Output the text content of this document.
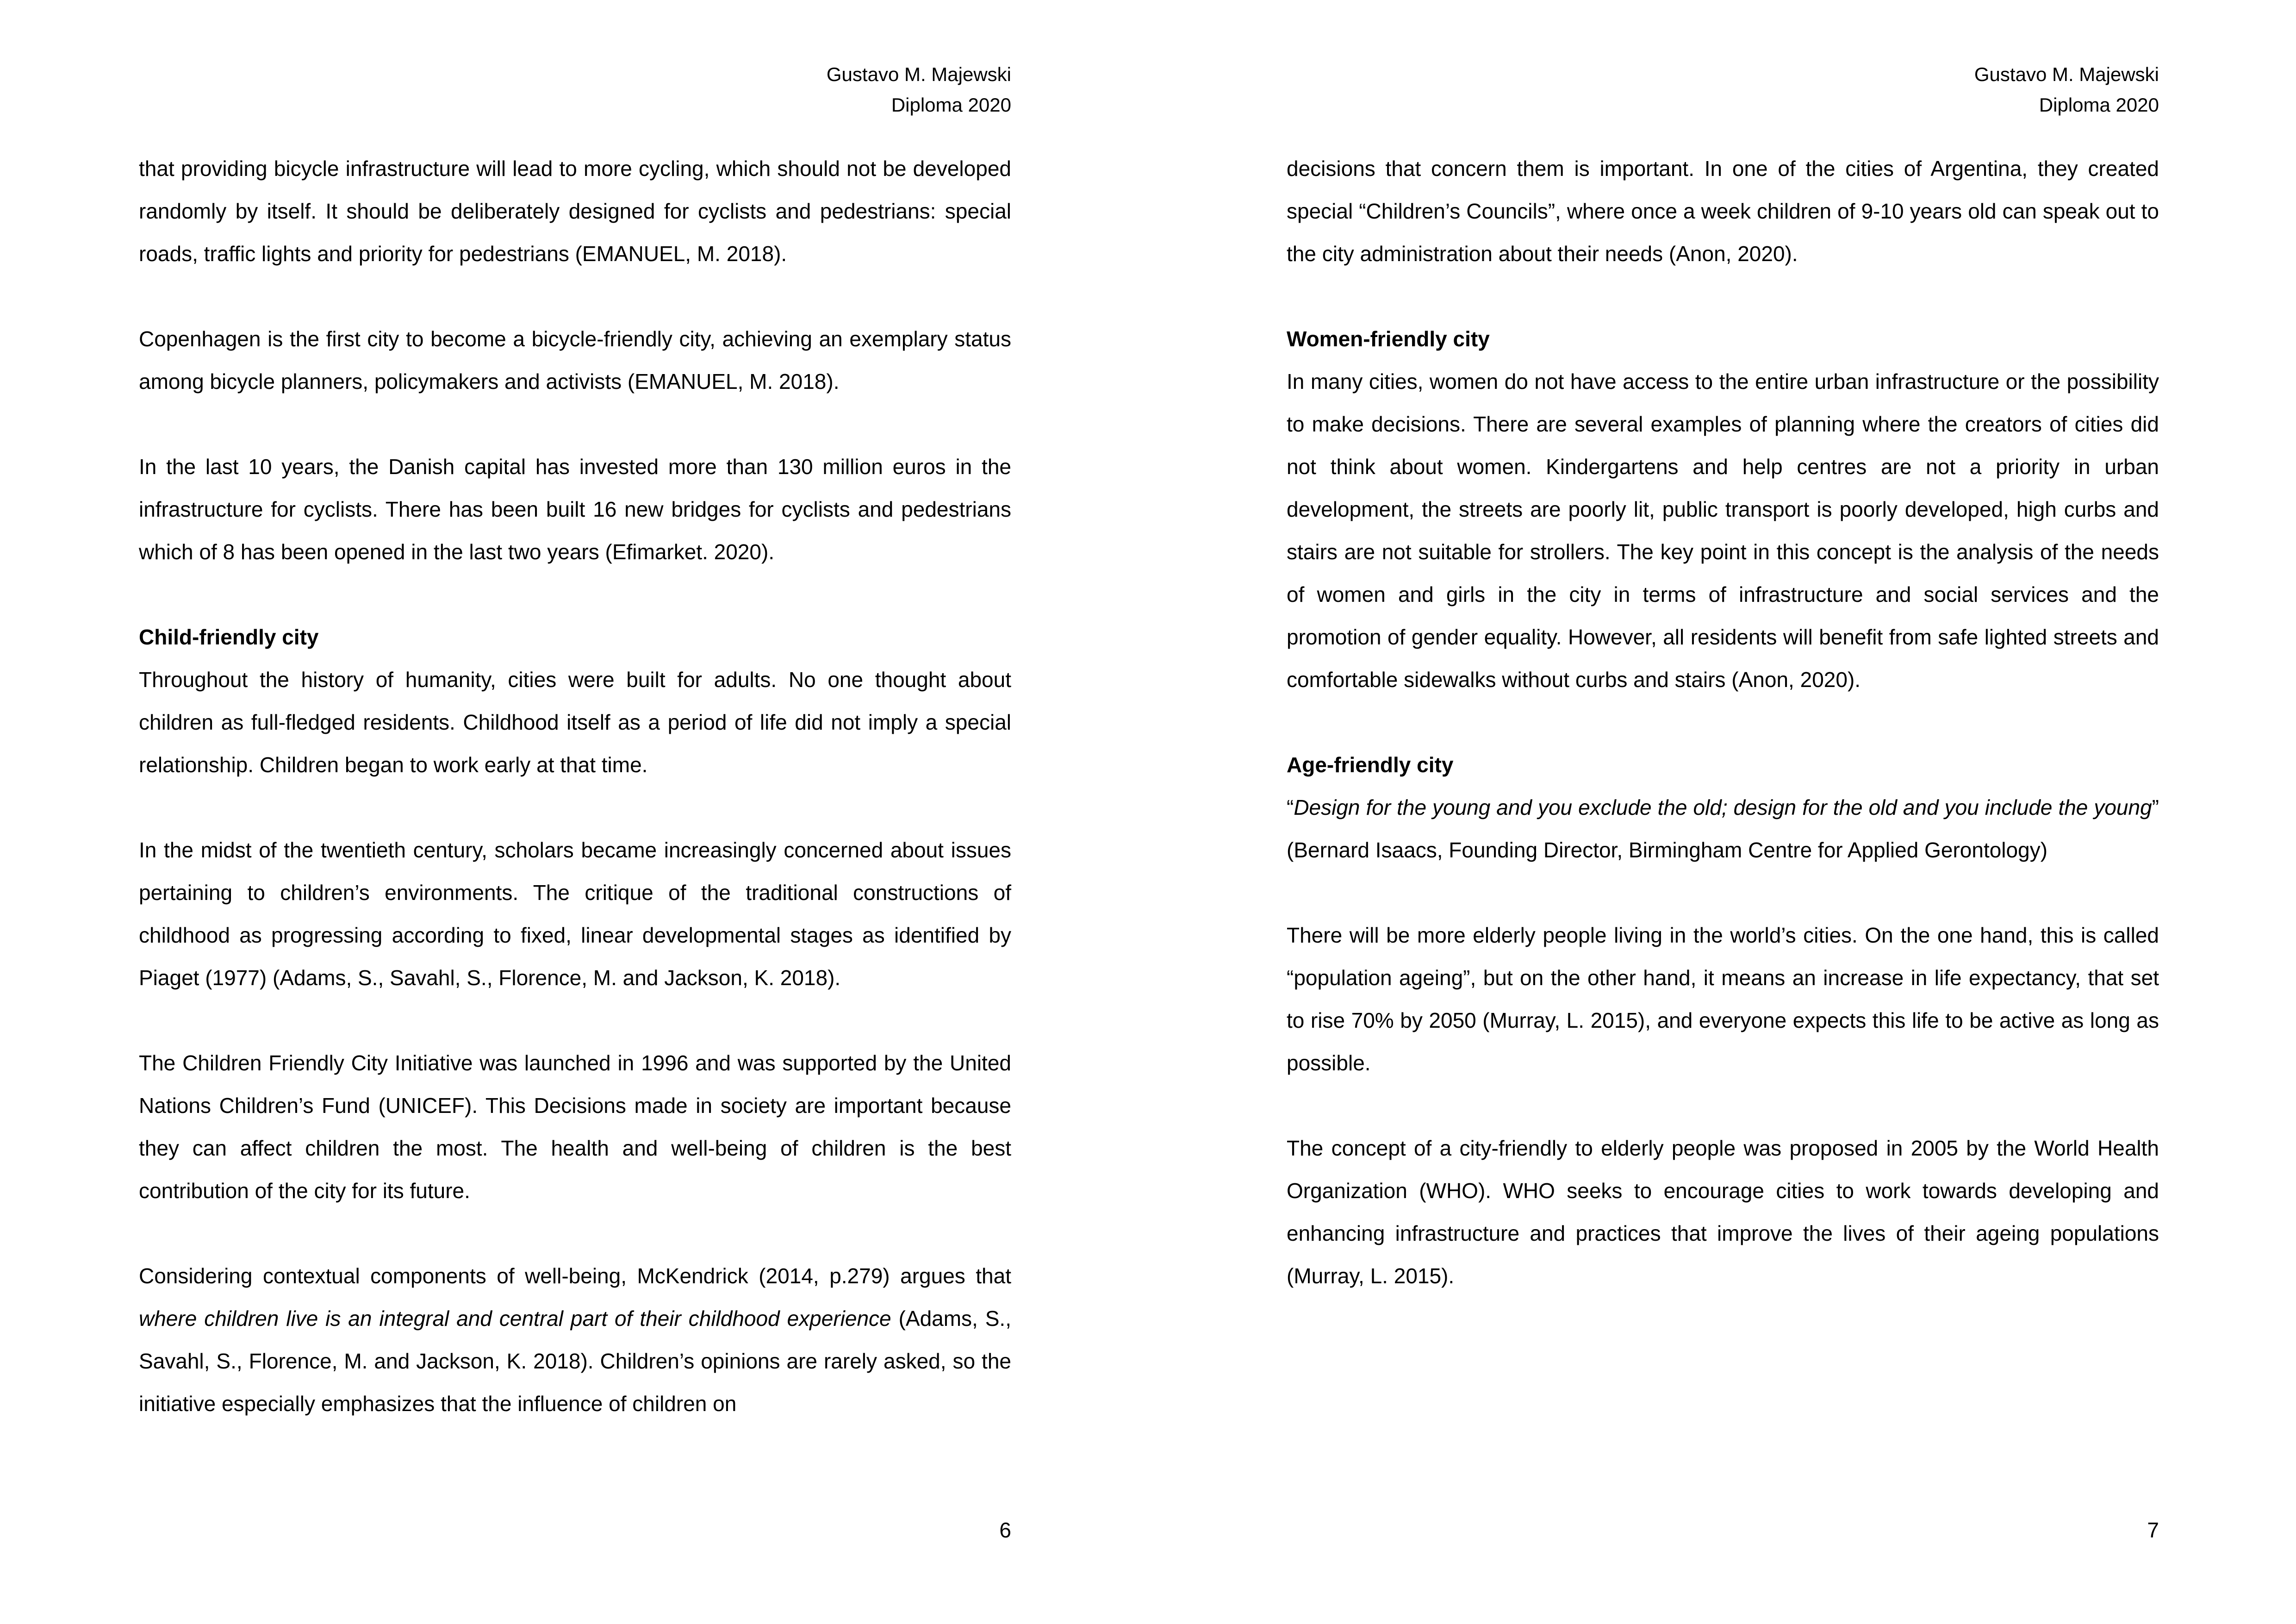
Gustavo M. Majewski
Diploma 2020

that providing bicycle infrastructure will lead to more cycling, which should not be developed randomly by itself. It should be deliberately designed for cyclists and pedestrians: special roads, traffic lights and priority for pedestrians (EMANUEL, M. 2018).

Copenhagen is the first city to become a bicycle-friendly city, achieving an exemplary status among bicycle planners, policymakers and activists (EMANUEL, M. 2018).

In the last 10 years, the Danish capital has invested more than 130 million euros in the infrastructure for cyclists. There has been built 16 new bridges for cyclists and pedestrians which of 8 has been opened in the last two years (Efimarket. 2020).

Child-friendly city

Throughout the history of humanity, cities were built for adults. No one thought about children as full-fledged residents. Childhood itself as a period of life did not imply a special relationship. Children began to work early at that time.

In the midst of the twentieth century, scholars became increasingly concerned about issues pertaining to children’s environments. The critique of the traditional constructions of childhood as progressing according to fixed, linear developmental stages as identified by Piaget (1977) (Adams, S., Savahl, S., Florence, M. and Jackson, K. 2018).

The Children Friendly City Initiative was launched in 1996 and was supported by the United Nations Children’s Fund (UNICEF). This Decisions made in society are important because they can affect children the most. The health and well-being of children is the best contribution of the city for its future.

Considering contextual components of well-being, McKendrick (2014, p.279) argues that where children live is an integral and central part of their childhood experience (Adams, S., Savahl, S., Florence, M. and Jackson, K. 2018). Children’s opinions are rarely asked, so the initiative especially emphasizes that the influence of children on

6
Gustavo M. Majewski
Diploma 2020

decisions that concern them is important. In one of the cities of Argentina, they created special “Children’s Councils”, where once a week children of 9-10 years old can speak out to the city administration about their needs (Anon, 2020).

Women-friendly city

In many cities, women do not have access to the entire urban infrastructure or the possibility to make decisions. There are several examples of planning where the creators of cities did not think about women. Kindergartens and help centres are not a priority in urban development, the streets are poorly lit, public transport is poorly developed, high curbs and stairs are not suitable for strollers. The key point in this concept is the analysis of the needs of women and girls in the city in terms of infrastructure and social services and the promotion of gender equality. However, all residents will benefit from safe lighted streets and comfortable sidewalks without curbs and stairs (Anon, 2020).

Age-friendly city

“Design for the young and you exclude the old; design for the old and you include the young” (Bernard Isaacs, Founding Director, Birmingham Centre for Applied Gerontology)

There will be more elderly people living in the world’s cities. On the one hand, this is called “population ageing”, but on the other hand, it means an increase in life expectancy, that set to rise 70% by 2050 (Murray, L. 2015), and everyone expects this life to be active as long as possible.

The concept of a city-friendly to elderly people was proposed in 2005 by the World Health Organization (WHO). WHO seeks to encourage cities to work towards developing and enhancing infrastructure and practices that improve the lives of their ageing populations (Murray, L. 2015).

7
